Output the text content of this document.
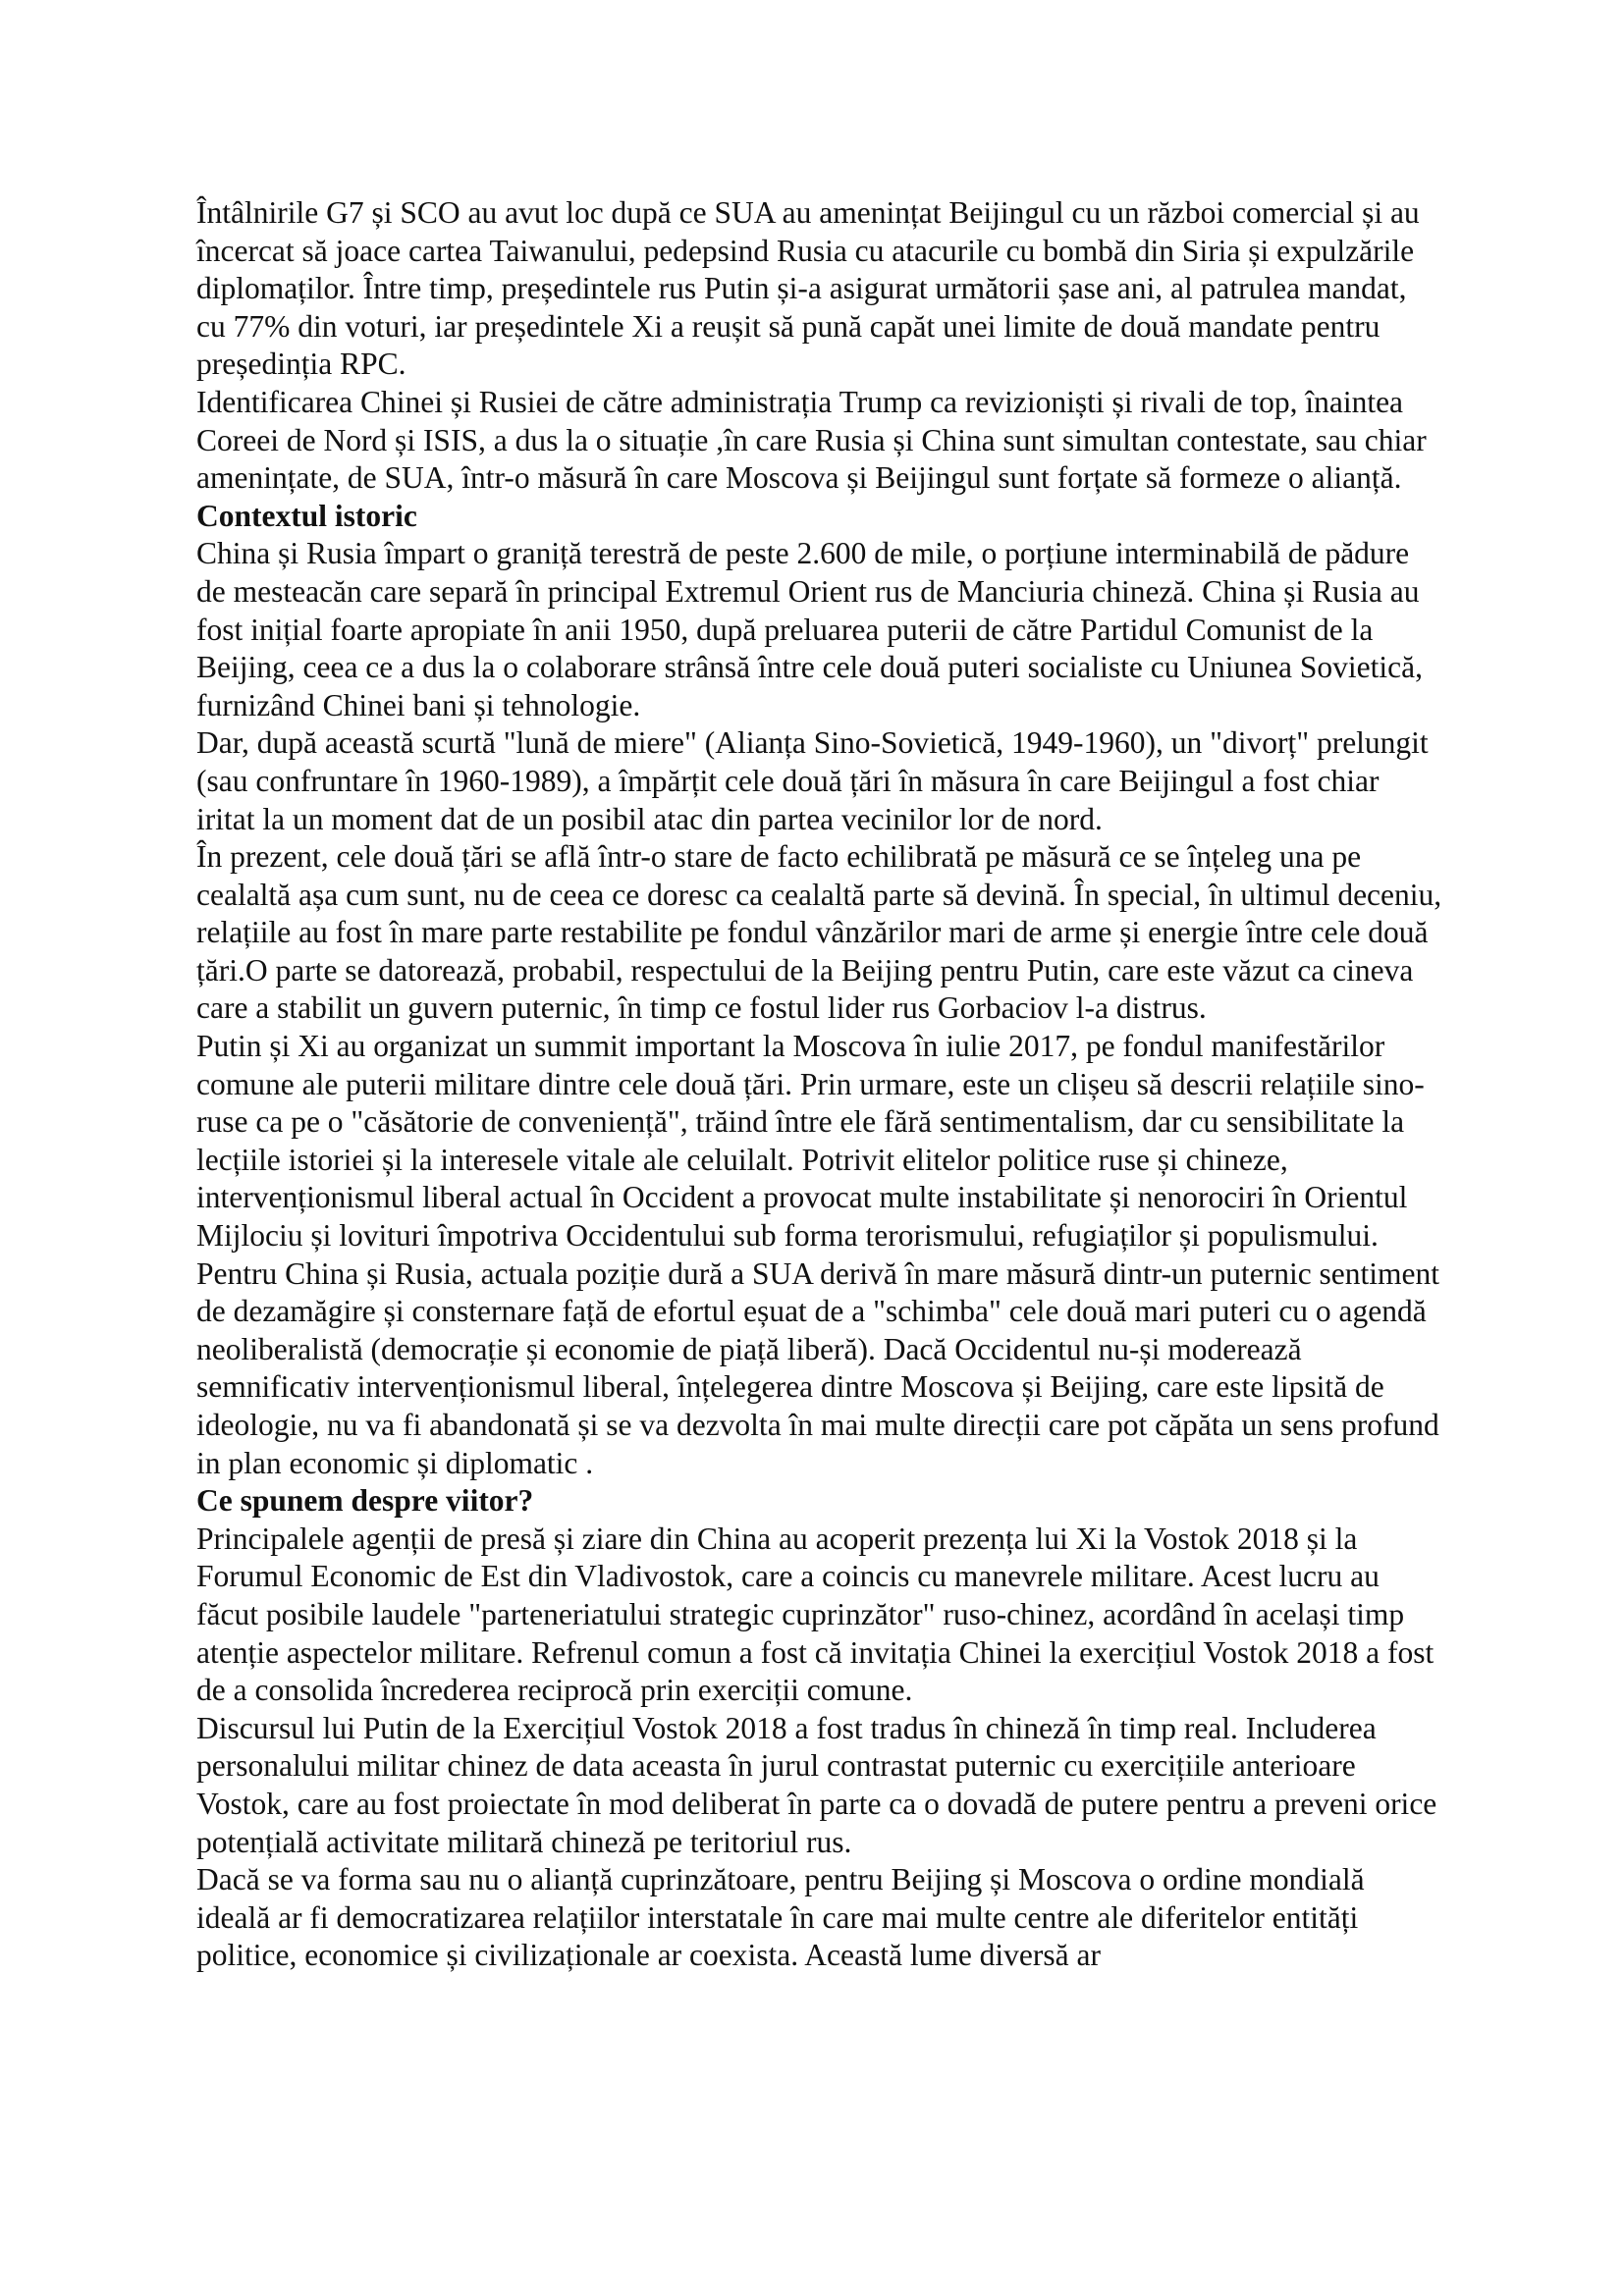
Întâlnirile G7 și SCO au avut loc după ce SUA au amenințat Beijingul cu un război comercial și au încercat să joace cartea Taiwanului, pedepsind Rusia cu atacurile cu bombă din Siria și expulzările diplomaților. Între timp, președintele rus Putin și-a asigurat următorii șase ani, al patrulea mandat, cu 77% din voturi, iar președintele Xi a reușit să pună capăt unei limite de două mandate pentru președinția RPC.

Identificarea Chinei și Rusiei de către administrația Trump ca revizioniști și rivali de top, înaintea Coreei de Nord și ISIS, a dus la o situație ,în care Rusia și China sunt simultan contestate, sau chiar amenințate, de SUA, într-o măsură în care Moscova și Beijingul sunt forțate să formeze o alianță.

Contextul istoric

China și Rusia împart o graniță terestră de peste 2.600 de mile, o porțiune interminabilă de pădure de mesteacăn care separă în principal Extremul Orient rus de Manciuria chineză. China și Rusia au fost inițial foarte apropiate în anii 1950, după preluarea puterii de către Partidul Comunist de la Beijing, ceea ce a dus la o colaborare strânsă între cele două puteri socialiste cu Uniunea Sovietică, furnizând Chinei bani și tehnologie.

Dar, după această scurtă "lună de miere" (Alianța Sino-Sovietică, 1949-1960), un "divorț" prelungit (sau confruntare în 1960-1989), a împărțit cele două țări în măsura în care Beijingul a fost chiar iritat la un moment dat de un posibil atac din partea vecinilor lor de nord.

În prezent, cele două țări se află într-o stare de facto echilibrată pe măsură ce se înțeleg una pe cealaltă așa cum sunt, nu de ceea ce doresc ca cealaltă parte să devină. În special, în ultimul deceniu, relațiile au fost în mare parte restabilite pe fondul vânzărilor mari de arme și energie între cele două țări.O parte se datorează, probabil, respectului de la Beijing pentru Putin, care este văzut ca cineva care a stabilit un guvern puternic, în timp ce fostul lider rus Gorbaciov l-a distrus.

Putin și Xi au organizat un summit important la Moscova în iulie 2017, pe fondul manifestărilor comune ale puterii militare dintre cele două țări. Prin urmare, este un clișeu să descrii relațiile sino-ruse ca pe o "căsătorie de conveniență", trăind între ele fără sentimentalism, dar cu sensibilitate la lecțiile istoriei și la interesele vitale ale celuilalt. Potrivit elitelor politice ruse și chineze, intervenționismul liberal actual în Occident a provocat multe instabilitate și nenorociri în Orientul Mijlociu și lovituri împotriva Occidentului sub forma terorismului, refugiaților și populismului.

Pentru China și Rusia, actuala poziție dură a SUA derivă în mare măsură dintr-un puternic sentiment de dezamăgire și consternare față de efortul eșuat de a "schimba" cele două mari puteri cu o agendă neoliberalistă (democrație și economie de piață liberă). Dacă Occidentul nu-și moderează semnificativ intervenționismul liberal, înțelegerea dintre Moscova și Beijing, care este lipsită de ideologie, nu va fi abandonată și se va dezvolta în mai multe direcții care pot căpăta un sens profund in plan economic și diplomatic .

Ce spunem despre viitor?

Principalele agenții de presă și ziare din China au acoperit prezența lui Xi la Vostok 2018 și la Forumul Economic de Est din Vladivostok, care a coincis cu manevrele militare. Acest lucru au făcut posibile laudele "parteneriatului strategic cuprinzător" ruso-chinez, acordând în același timp atenție aspectelor militare. Refrenul comun a fost că invitația Chinei la exercițiul Vostok 2018 a fost de a consolida încrederea reciprocă prin exerciții comune.

Discursul lui Putin de la Exercițiul Vostok 2018 a fost tradus în chineză în timp real. Includerea personalului militar chinez de data aceasta în jurul contrastat puternic cu exercițiile anterioare Vostok, care au fost proiectate în mod deliberat în parte ca o dovadă de putere pentru a preveni orice potențială activitate militară chineză pe teritoriul rus.

Dacă se va forma sau nu o alianță cuprinzătoare, pentru Beijing și Moscova o ordine mondială ideală ar fi democratizarea relațiilor interstatale în care mai multe centre ale diferitelor entități politice, economice și civilizaționale ar coexista. Această lume diversă ar
